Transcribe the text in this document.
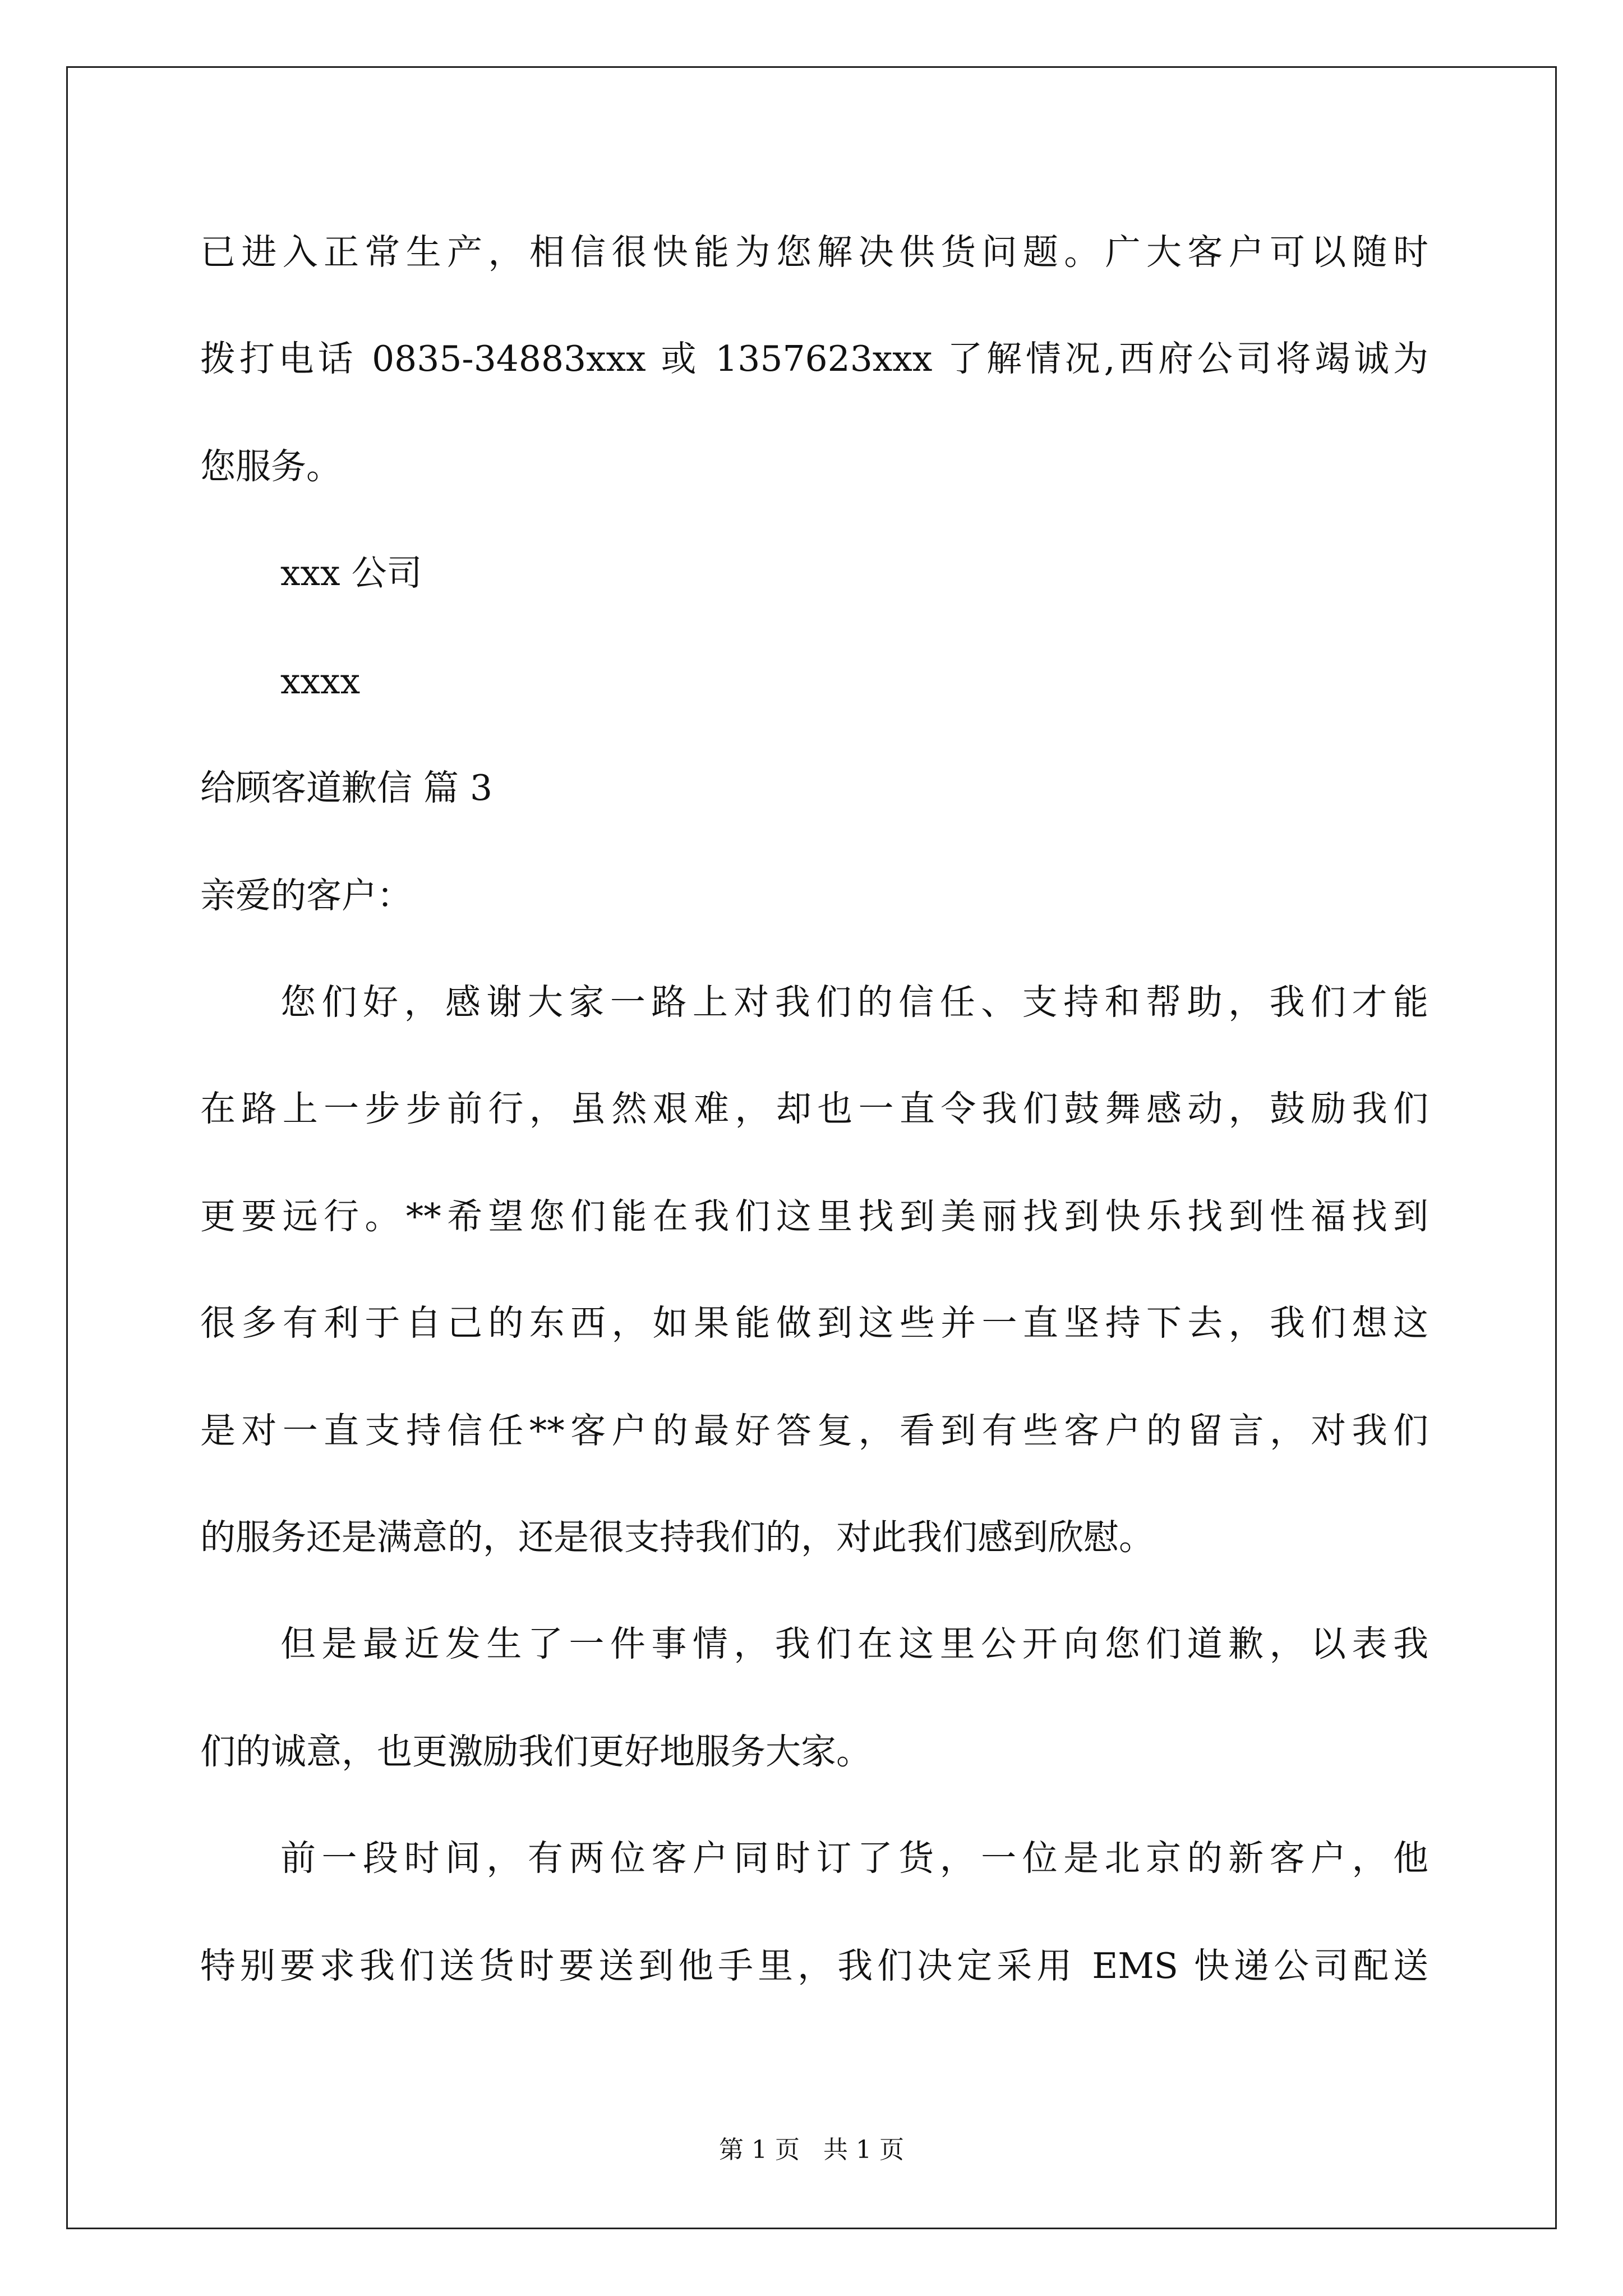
已进入正常生产，相信很快能为您解决供货问题。广大客户可以随时
拨打电话 0835-34883xxx 或 1357623xxx 了解情况,西府公司将竭诚为
您服务。
xxx 公司
xxxx
给顾客道歉信 篇 3
亲爱的客户：
您们好，感谢大家一路上对我们的信任、支持和帮助，我们才能
在路上一步步前行，虽然艰难，却也一直令我们鼓舞感动，鼓励我们
更要远行。**希望您们能在我们这里找到美丽找到快乐找到性福找到
很多有利于自己的东西，如果能做到这些并一直坚持下去，我们想这
是对一直支持信任**客户的最好答复，看到有些客户的留言，对我们
的服务还是满意的，还是很支持我们的，对此我们感到欣慰。
但是最近发生了一件事情，我们在这里公开向您们道歉，以表我
们的诚意，也更激励我们更好地服务大家。
前一段时间，有两位客户同时订了货，一位是北京的新客户，他
特别要求我们送货时要送到他手里，我们决定采用 EMS 快递公司配送
第 1 页   共 1 页
